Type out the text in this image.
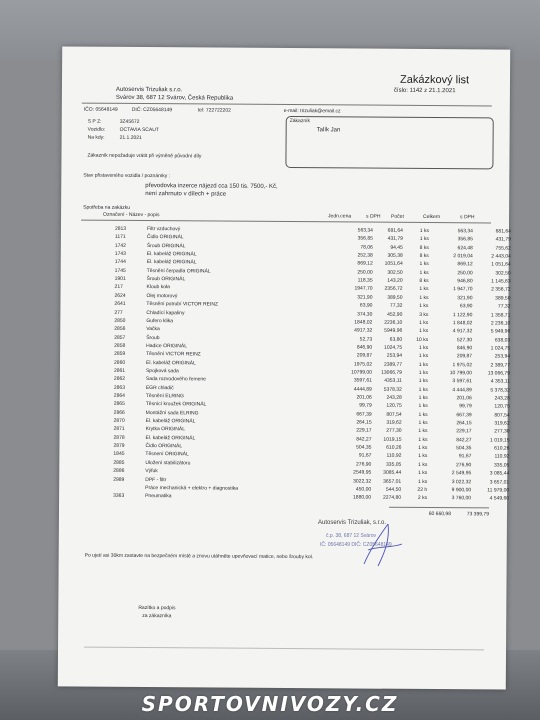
Zakázkový list
číslo: 1142 z 21.1.2021
Autoservis Trizuliak s.r.o.
Svárov 38, 687 12 Svárov, Česká Republika
IČO: 05648149	DIČ: CZ05648149	tel: 722722202	e-mail: trizuliak@email.cz
S P Z:	3Z45672
Vozidlo:	OCTAVIA SCAUT
Na kdy:	21.1.2021
Zákazník
Talík Jan
Zákazník nepožaduje vrátit při výměně původní díly
Stav přistaveného vozidla / poznámky :
převodovka inzerce nájezd cca 150 tis. 7500,- Kč,
není zahrnuto v dílech + práce
Spotřeba na zakázku
Označení - Název - popis	Jedn.cena	s DPH Počet	Celkem	s DPH
2813	Filtr vzduchový	563,34	681,64	1 ks	563,34	681,64
1171	Čidlo ORIGINÁL	356,85	431,79	1 ks	356,85	431,79
1742	Šroub ORIGINÁL	78,06	94,45	8 ks	624,48	755,62
1743	El. kabeláž ORIGINÁL	252,38	305,38	8 ks	2 019,04	2 443,04
1744	El. kabeláž ORIGINÁL	869,12	1051,64	1 ks	869,12	1 051,64
1745	Těsnění čerpadla ORIGINÁL	250,00	302,50	1 ks	250,00	302,50
1901	Šroub ORIGINÁL	118,35	143,20	8 ks	946,80	1 145,63
217	Kloub koła	1947,70	2356,72	1 ks	1 947,70	2 356,72
2624	Olej motorový	321,90	389,50	1 ks	321,90	389,50
2641	Těsnění potrubí VICTOR REINZ	63,90	77,32	1 ks	63,90	77,32
277	Chladící kapaliny	374,30	452,90	3 ks	1 122,90	1 358,71
2850	Gufero klika	1848,02	2236,10	1 ks	1 848,02	2 236,10
2856	Vačka	4917,32	5949,96	1 ks	4 917,32	5 949,96
2857	Šroub	52,73	63,80	10 ks	527,30	638,03
2858	Hadice ORIGINÁL	846,90	1024,75	1 ks	846,90	1 024,75
2859	Těsnění VICTOR REINZ	209,87	253,94	1 ks	209,87	253,94
2860	El. kabeláž ORIGINÁL	1975,02	2389,77	1 ks	1 975,02	2 389,77
2861	Spojková sada	10799,00	13066,79	1 ks	10 799,00	13 066,79
2862	Sada rozvodového řemene	3597,61	4353,11	1 ks	3 597,61	4 353,11
2863	EGR chladič	4444,89	5378,32	1 ks	4 444,89	5 378,32
2864	Těsnění ELRING	201,06	243,28	1 ks	201,06	243,28
2865	Těsnící kroužek ORIGINÁL	99,79	120,75	1 ks	99,79	120,75
2866	Montážní sada ELRING	667,39	807,54	1 ks	667,39	807,54
2870	El. kabeláž ORIGINÁL	264,15	319,62	1 ks	264,15	319,62
2871	Krytka ORIGINÁL	229,17	277,30	1 ks	229,17	277,30
2878	El. kabeláž ORIGINÁL	842,27	1019,15	1 ks	842,27	1 019,15
2879	Čidlo ORIGINÁL	504,35	610,26	1 ks	504,35	610,26
1845	Těsnení ORIGINÁL	91,67	110,92	1 ks	91,67	110,92
2885	Uložení stabilizátoru	276,90	335,05	1 ks	276,90	335,05
2886	Výfuk	2549,95	3085,44	1 ks	2 549,95	3 085,44
2989	DPF - filtr	3022,32	3657,01	1 ks	3 022,32	3 657,01
Práce mechanická + elektro + diagnostika	450,00	544,50	22 h	9 900,00	11 979,00
3363	Pneumatika	1880,00	2274,80	2 ks	3 760,00	4 549,60
60 660,98	73 399,79
Po ujetí asi 30km zastavte na bezpečném místě a znovu utáhněte upevňovací matice, nebo šrouby kol.
Razítko a podpis
za zákazníka
Autoservis Trizuliak, s.r.o.
č.p. 38, 687 12 Svárov
IČ: 05648149 DIČ: CZ05648149
SPORTOVNIVOZY.CZ
